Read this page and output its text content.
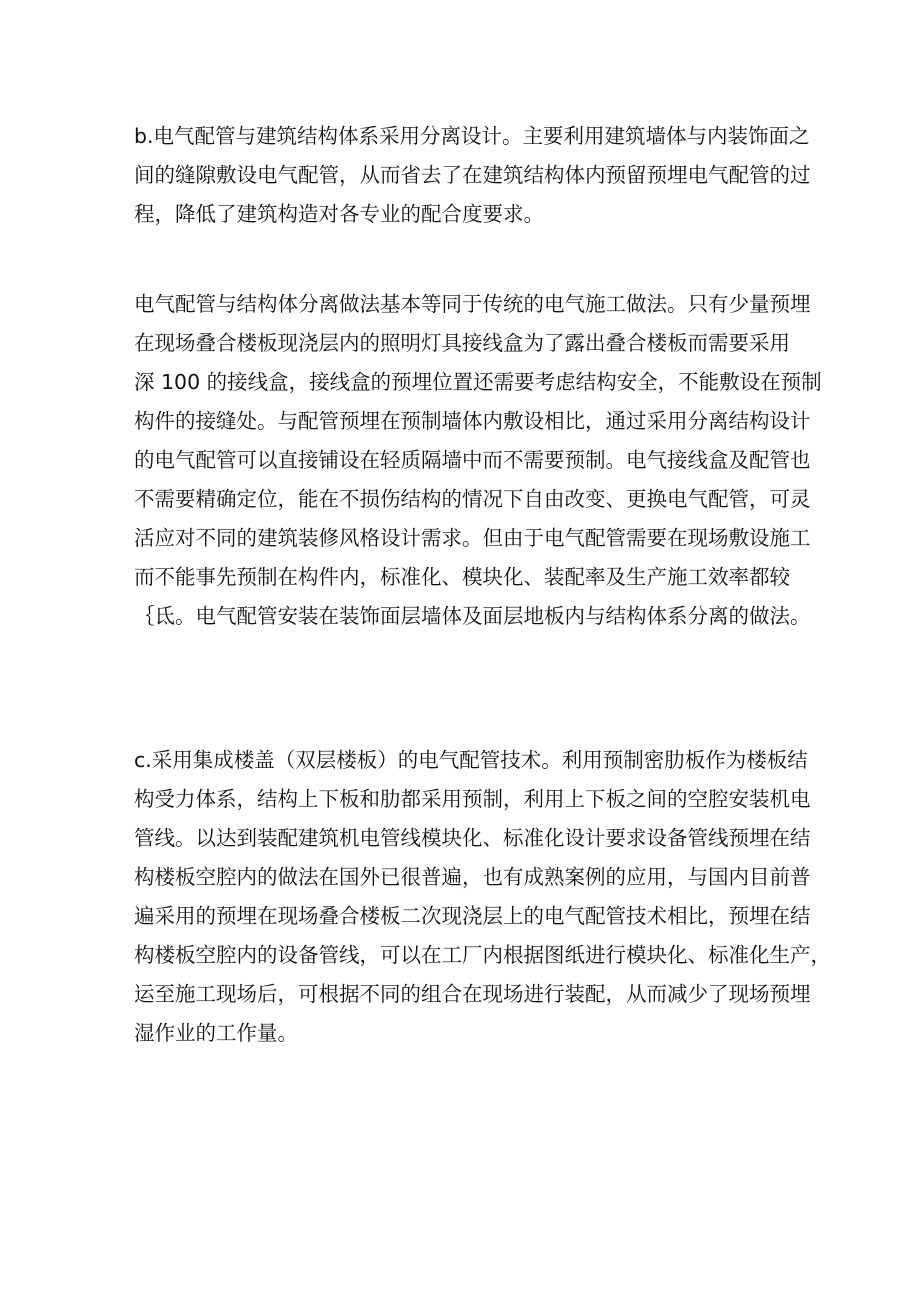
b.电气配管与建筑结构体系采用分离设计。主要利用建筑墙体与内装饰面之
间的缝隙敷设电气配管，从而省去了在建筑结构体内预留预埋电气配管的过
程，降低了建筑构造对各专业的配合度要求。
电气配管与结构体分离做法基本等同于传统的电气施工做法。只有少量预埋
在现场叠合楼板现浇层内的照明灯具接线盒为了露出叠合楼板而需要采用
深 100 的接线盒，接线盒的预埋位置还需要考虑结构安全，不能敷设在预制
构件的接缝处。与配管预埋在预制墙体内敷设相比，通过采用分离结构设计
的电气配管可以直接铺设在轻质隔墙中而不需要预制。电气接线盒及配管也
不需要精确定位，能在不损伤结构的情况下自由改变、更换电气配管，可灵
活应对不同的建筑装修风格设计需求。但由于电气配管需要在现场敷设施工
而不能事先预制在构件内，标准化、模块化、装配率及生产施工效率都较
｛氐。电气配管安装在装饰面层墙体及面层地板内与结构体系分离的做法。
c.采用集成楼盖（双层楼板）的电气配管技术。利用预制密肋板作为楼板结
构受力体系，结构上下板和肋都采用预制，利用上下板之间的空腔安装机电
管线。以达到装配建筑机电管线模块化、标准化设计要求设备管线预埋在结
构楼板空腔内的做法在国外已很普遍，也有成熟案例的应用，与国内目前普
遍采用的预埋在现场叠合楼板二次现浇层上的电气配管技术相比，预埋在结
构楼板空腔内的设备管线，可以在工厂内根据图纸进行模块化、标准化生产，
运至施工现场后，可根据不同的组合在现场进行装配，从而减少了现场预埋
湿作业的工作量。
